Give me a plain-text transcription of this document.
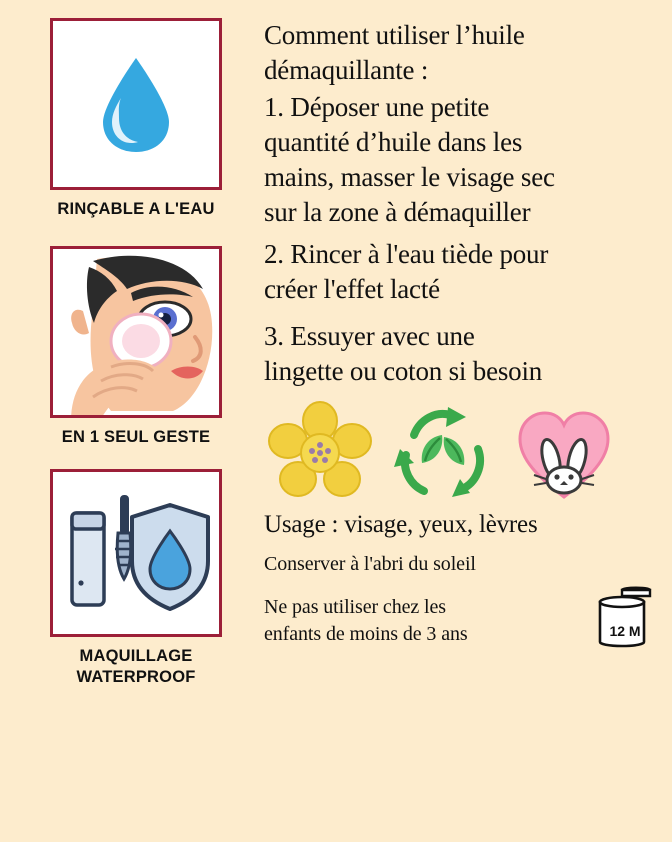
RINÇABLE A L'EAU
EN 1 SEUL GESTE
MAQUILLAGE
WATERPROOF
Comment utiliser l’huile
démaquillante :
1. Déposer une petite
quantité d’huile dans les
mains, masser le visage sec
sur la zone à démaquiller
2. Rincer à l'eau tiède pour
créer l'effet lacté
3. Essuyer avec une
lingette ou coton si besoin
Usage : visage, yeux, lèvres
Conserver à l'abri du soleil
Ne pas utiliser chez les
enfants de moins de 3 ans	12 M
